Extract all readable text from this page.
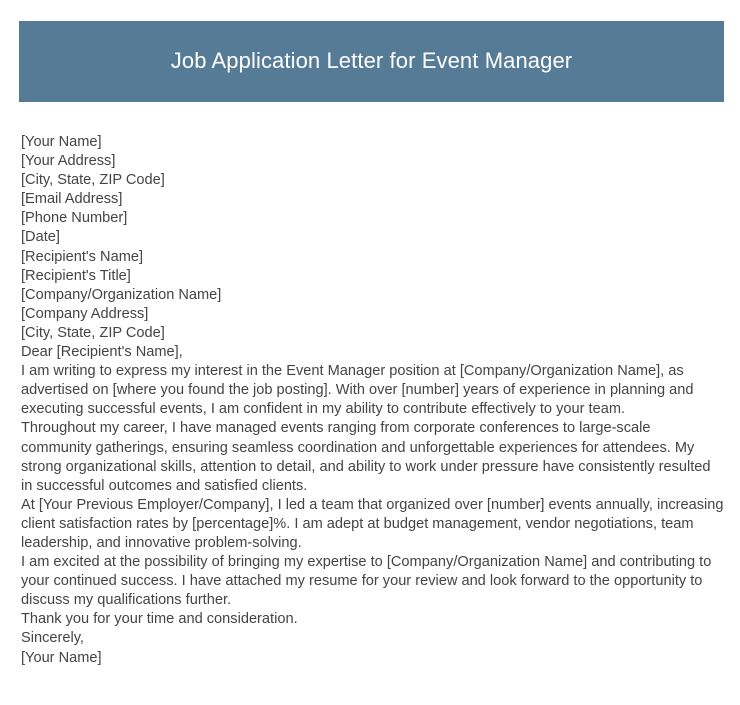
Job Application Letter for Event Manager
[Your Name]
[Your Address]
[City, State, ZIP Code]
[Email Address]
[Phone Number]
[Date]
[Recipient's Name]
[Recipient's Title]
[Company/Organization Name]
[Company Address]
[City, State, ZIP Code]
Dear [Recipient's Name],

I am writing to express my interest in the Event Manager position at [Company/Organization Name], as advertised on [where you found the job posting]. With over [number] years of experience in planning and executing successful events, I am confident in my ability to contribute effectively to your team.

Throughout my career, I have managed events ranging from corporate conferences to large-scale community gatherings, ensuring seamless coordination and unforgettable experiences for attendees. My strong organizational skills, attention to detail, and ability to work under pressure have consistently resulted in successful outcomes and satisfied clients.

At [Your Previous Employer/Company], I led a team that organized over [number] events annually, increasing client satisfaction rates by [percentage]%. I am adept at budget management, vendor negotiations, team leadership, and innovative problem-solving.

I am excited at the possibility of bringing my expertise to [Company/Organization Name] and contributing to your continued success. I have attached my resume for your review and look forward to the opportunity to discuss my qualifications further.

Thank you for your time and consideration.

Sincerely,
[Your Name]
